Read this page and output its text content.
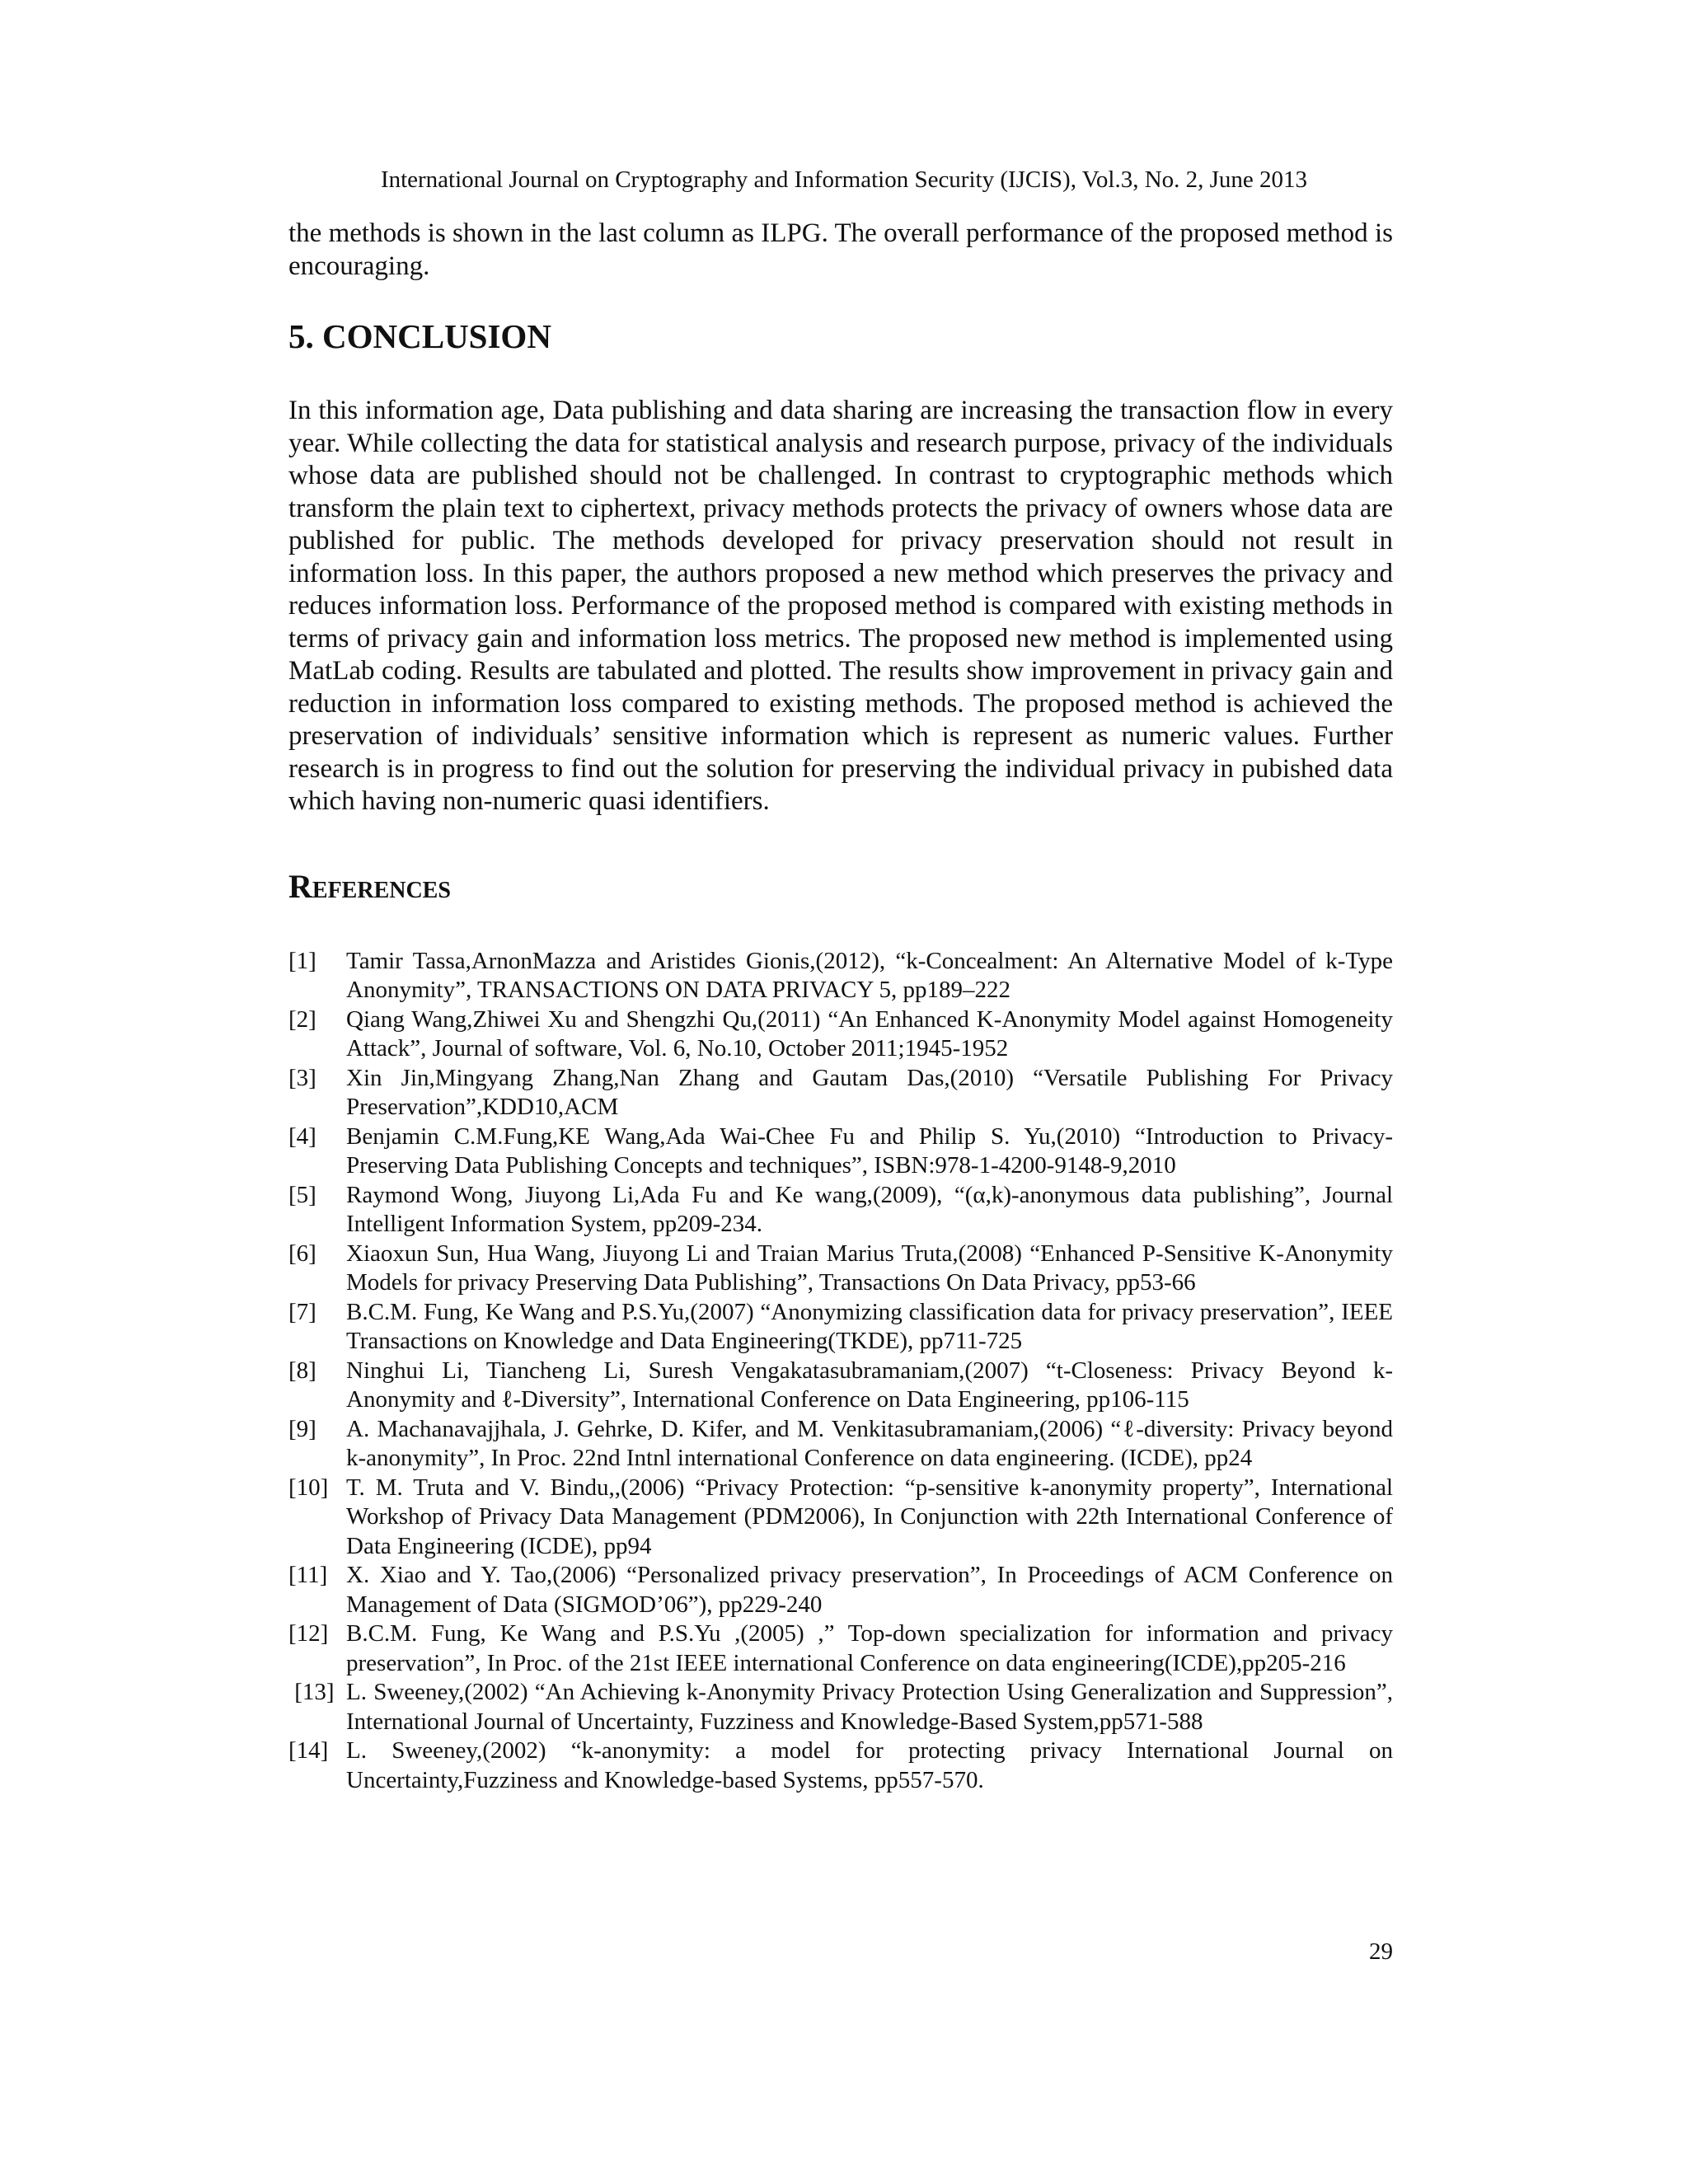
International Journal on Cryptography and Information Security (IJCIS), Vol.3, No. 2, June 2013

the methods is shown in the last column as ILPG. The overall performance of the proposed method is encouraging.

5. CONCLUSION

In this information age, Data publishing and data sharing are increasing the transaction flow in every year. While collecting the data for statistical analysis and research purpose, privacy of the individuals whose data are published should not be challenged. In contrast to cryptographic methods which transform the plain text to ciphertext, privacy methods protects the privacy of owners whose data are published for public. The methods developed for privacy preservation should not result in information loss. In this paper, the authors proposed a new method which preserves the privacy and reduces information loss. Performance of the proposed method is compared with existing methods in terms of privacy gain and information loss metrics. The proposed new method is implemented using MatLab coding. Results are tabulated and plotted. The results show improvement in privacy gain and reduction in information loss compared to existing methods. The proposed method is achieved the preservation of individuals’ sensitive information which is represent as numeric values. Further research is in progress to find out the solution for preserving the individual privacy in pubished data which having non-numeric quasi identifiers.

References
[1]	Tamir Tassa,ArnonMazza and Aristides Gionis,(2012), “k-Concealment: An Alternative Model of k-Type Anonymity”, TRANSACTIONS ON DATA PRIVACY 5, pp189–222

[2]	Qiang Wang,Zhiwei Xu and Shengzhi Qu,(2011) “An Enhanced K-Anonymity Model against Homogeneity Attack”, Journal of software, Vol. 6, No.10, October 2011;1945-1952

[3]	Xin Jin,Mingyang Zhang,Nan Zhang and Gautam Das,(2010) “Versatile Publishing For Privacy Preservation”,KDD10,ACM

[4]	Benjamin C.M.Fung,KE Wang,Ada Wai-Chee Fu and Philip S. Yu,(2010) “Introduction to Privacy-Preserving Data Publishing Concepts and techniques”, ISBN:978-1-4200-9148-9,2010

[5]	Raymond Wong, Jiuyong Li,Ada Fu and Ke wang,(2009), “(α,k)-anonymous data publishing”, Journal Intelligent Information System, pp209-234.

[6]	Xiaoxun Sun, Hua Wang, Jiuyong Li and Traian Marius Truta,(2008) “Enhanced P-Sensitive K-Anonymity Models for privacy Preserving Data Publishing”, Transactions On Data Privacy, pp53-66

[7]	B.C.M. Fung, Ke Wang and P.S.Yu,(2007) “Anonymizing classification data for privacy preservation”, IEEE Transactions on Knowledge and Data Engineering(TKDE), pp711-725

[8]	Ninghui Li, Tiancheng Li, Suresh Vengakatasubramaniam,(2007) “t-Closeness: Privacy Beyond k-Anonymity and ℓ-Diversity”, International Conference on Data Engineering, pp106-115

[9]	A. Machanavajjhala, J. Gehrke, D. Kifer, and M. Venkitasubramaniam,(2006) “ℓ-diversity: Privacy beyond k-anonymity”, In Proc. 22nd Intnl international Conference on data engineering. (ICDE), pp24

[10] T. M. Truta and V. Bindu,,(2006) “Privacy Protection: “p-sensitive k-anonymity property”, International Workshop of Privacy Data Management (PDM2006), In Conjunction with 22th International Conference of Data Engineering (ICDE), pp94

[11] X. Xiao and Y. Tao,(2006) “Personalized privacy preservation”, In Proceedings of ACM Conference on Management of Data (SIGMOD’06”), pp229-240

[12] B.C.M. Fung, Ke Wang and P.S.Yu ,(2005) ,” Top-down specialization for information and privacy preservation”, In Proc. of the 21st IEEE international Conference on data engineering(ICDE),pp205-216

[13] L. Sweeney,(2002) “An Achieving k-Anonymity Privacy Protection Using Generalization and Suppression”, International Journal of Uncertainty, Fuzziness and Knowledge-Based System,pp571-588

[14] L. Sweeney,(2002) “k-anonymity: a model for protecting privacy International Journal on Uncertainty,Fuzziness and Knowledge-based Systems, pp557-570.

29
